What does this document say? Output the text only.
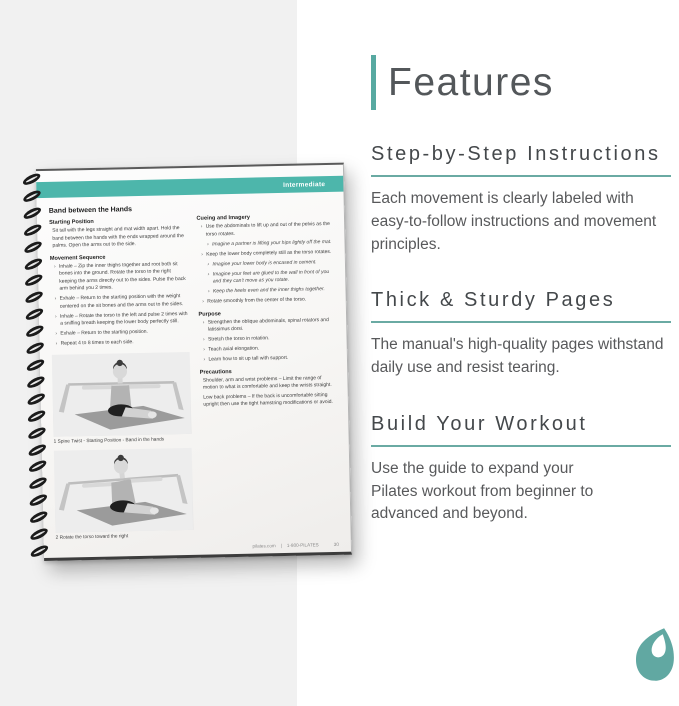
Intermediate
Band between the Hands
Starting Position

Sit tall with the legs straight and mat width apart. Hold the band between the hands with the ends wrapped around the palms. Open the arms out to the side.

Movement Sequence
› Inhale – Zip the inner thighs together and root both sit bones into the ground. Rotate the torso to the right keeping the arms directly out to the sides. Pulse the back arm behind you 2 times.
› Exhale – Return to the starting position with the weight centered on the sit bones and the arms out to the sides.
› Inhale – Rotate the torso to the left and pulse 2 times with a sniffing breath keeping the lower body perfectly still.
› Exhale – Return to the starting position.
› Repeat 4 to 8 times to each side.

1 Spine Twist - Starting Position - Band in the hands

2 Rotate the torso toward the right

Cueing and Imagery
› Use the abdominals to lift up and out of the pelvis as the torso rotates.
› Imagine a partner is lifting your hips lightly off the mat.
› Keep the lower body completely still as the torso rotates.
› Imagine your lower body is encased in cement.
› Imagine your feet are glued to the wall in front of you and they can't move as you rotate.
› Keep the heels even and the inner thighs together.
› Rotate smoothly from the center of the torso.
Purpose
› Strengthen the oblique abdominals, spinal rotators and latissimus dorsi.
› Stretch the torso in rotation.
› Teach axial elongation.
› Learn how to sit up tall with support.
Precautions

Shoulder, arm and wrist problems – Limit the range of motion to what is comfortable and keep the wrists straight.

Low back problems – If the back is uncomfortable sitting upright then use the tight hamstring modifications or avoid.

pilates.com | 1-800-PILATES	30
Features
Step-by-Step Instructions

Each movement is clearly labeled with easy-to-follow instructions and movement principles.

Thick & Sturdy Pages

The manual's high-quality pages withstand daily use and resist tearing.

Build Your Workout

Use the guide to expand your Pilates workout from beginner to advanced and beyond.
